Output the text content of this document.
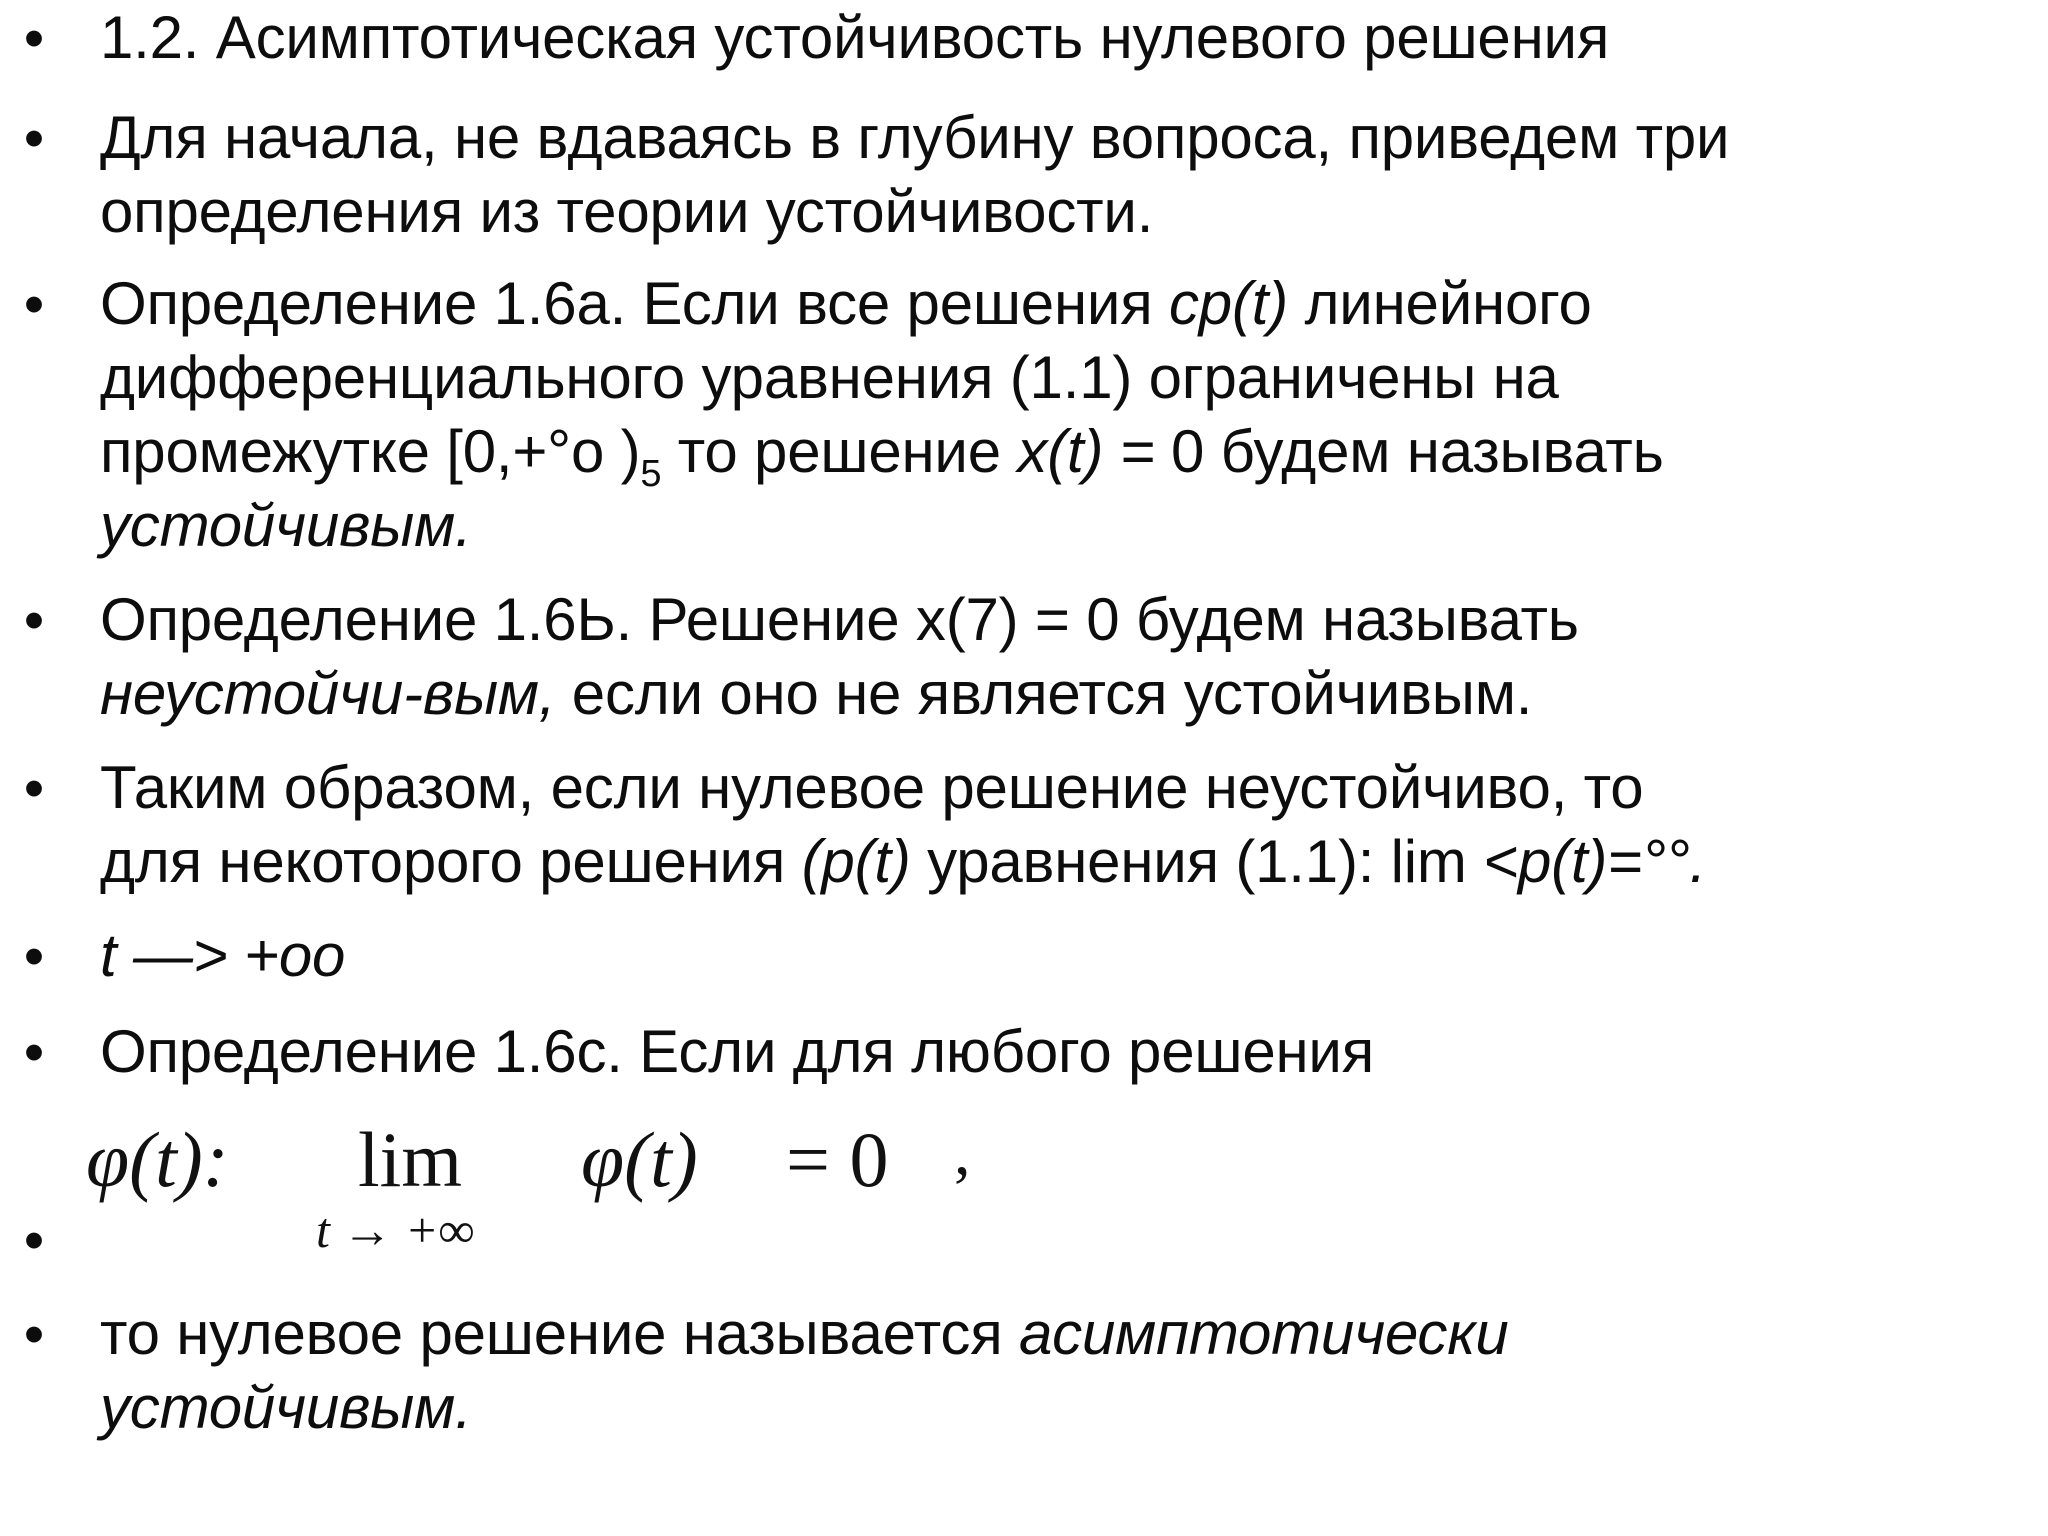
• 1.2. Асимптотическая устойчивость нулевого решения
• Для начала, не вдаваясь в глубину вопроса, приведем три
определения из теории устойчивости.
• Определение 1.6а. Если все решения ср(t) линейного
дифференциального уравнения (1.1) ограничены на
промежутке [0,+°о )$_5$ то решение x(t) = 0 будем называть
устойчивым.
• Определение 1.6Ь. Решение x(7) = 0 будем называть
неустойчи-вым, если оно не является устойчивым.
• Таким образом, если нулевое решение неустойчиво, то
для некоторого решения (p(t) уравнения (1.1): lim <p(t)=°°.
• t —> +oo
• Определение 1.6с. Если для любого решения
φ(t): lim
t → +∞
φ(t) = 0 ,
•
• то нулевое решение называется асимптотически
устойчивым.
